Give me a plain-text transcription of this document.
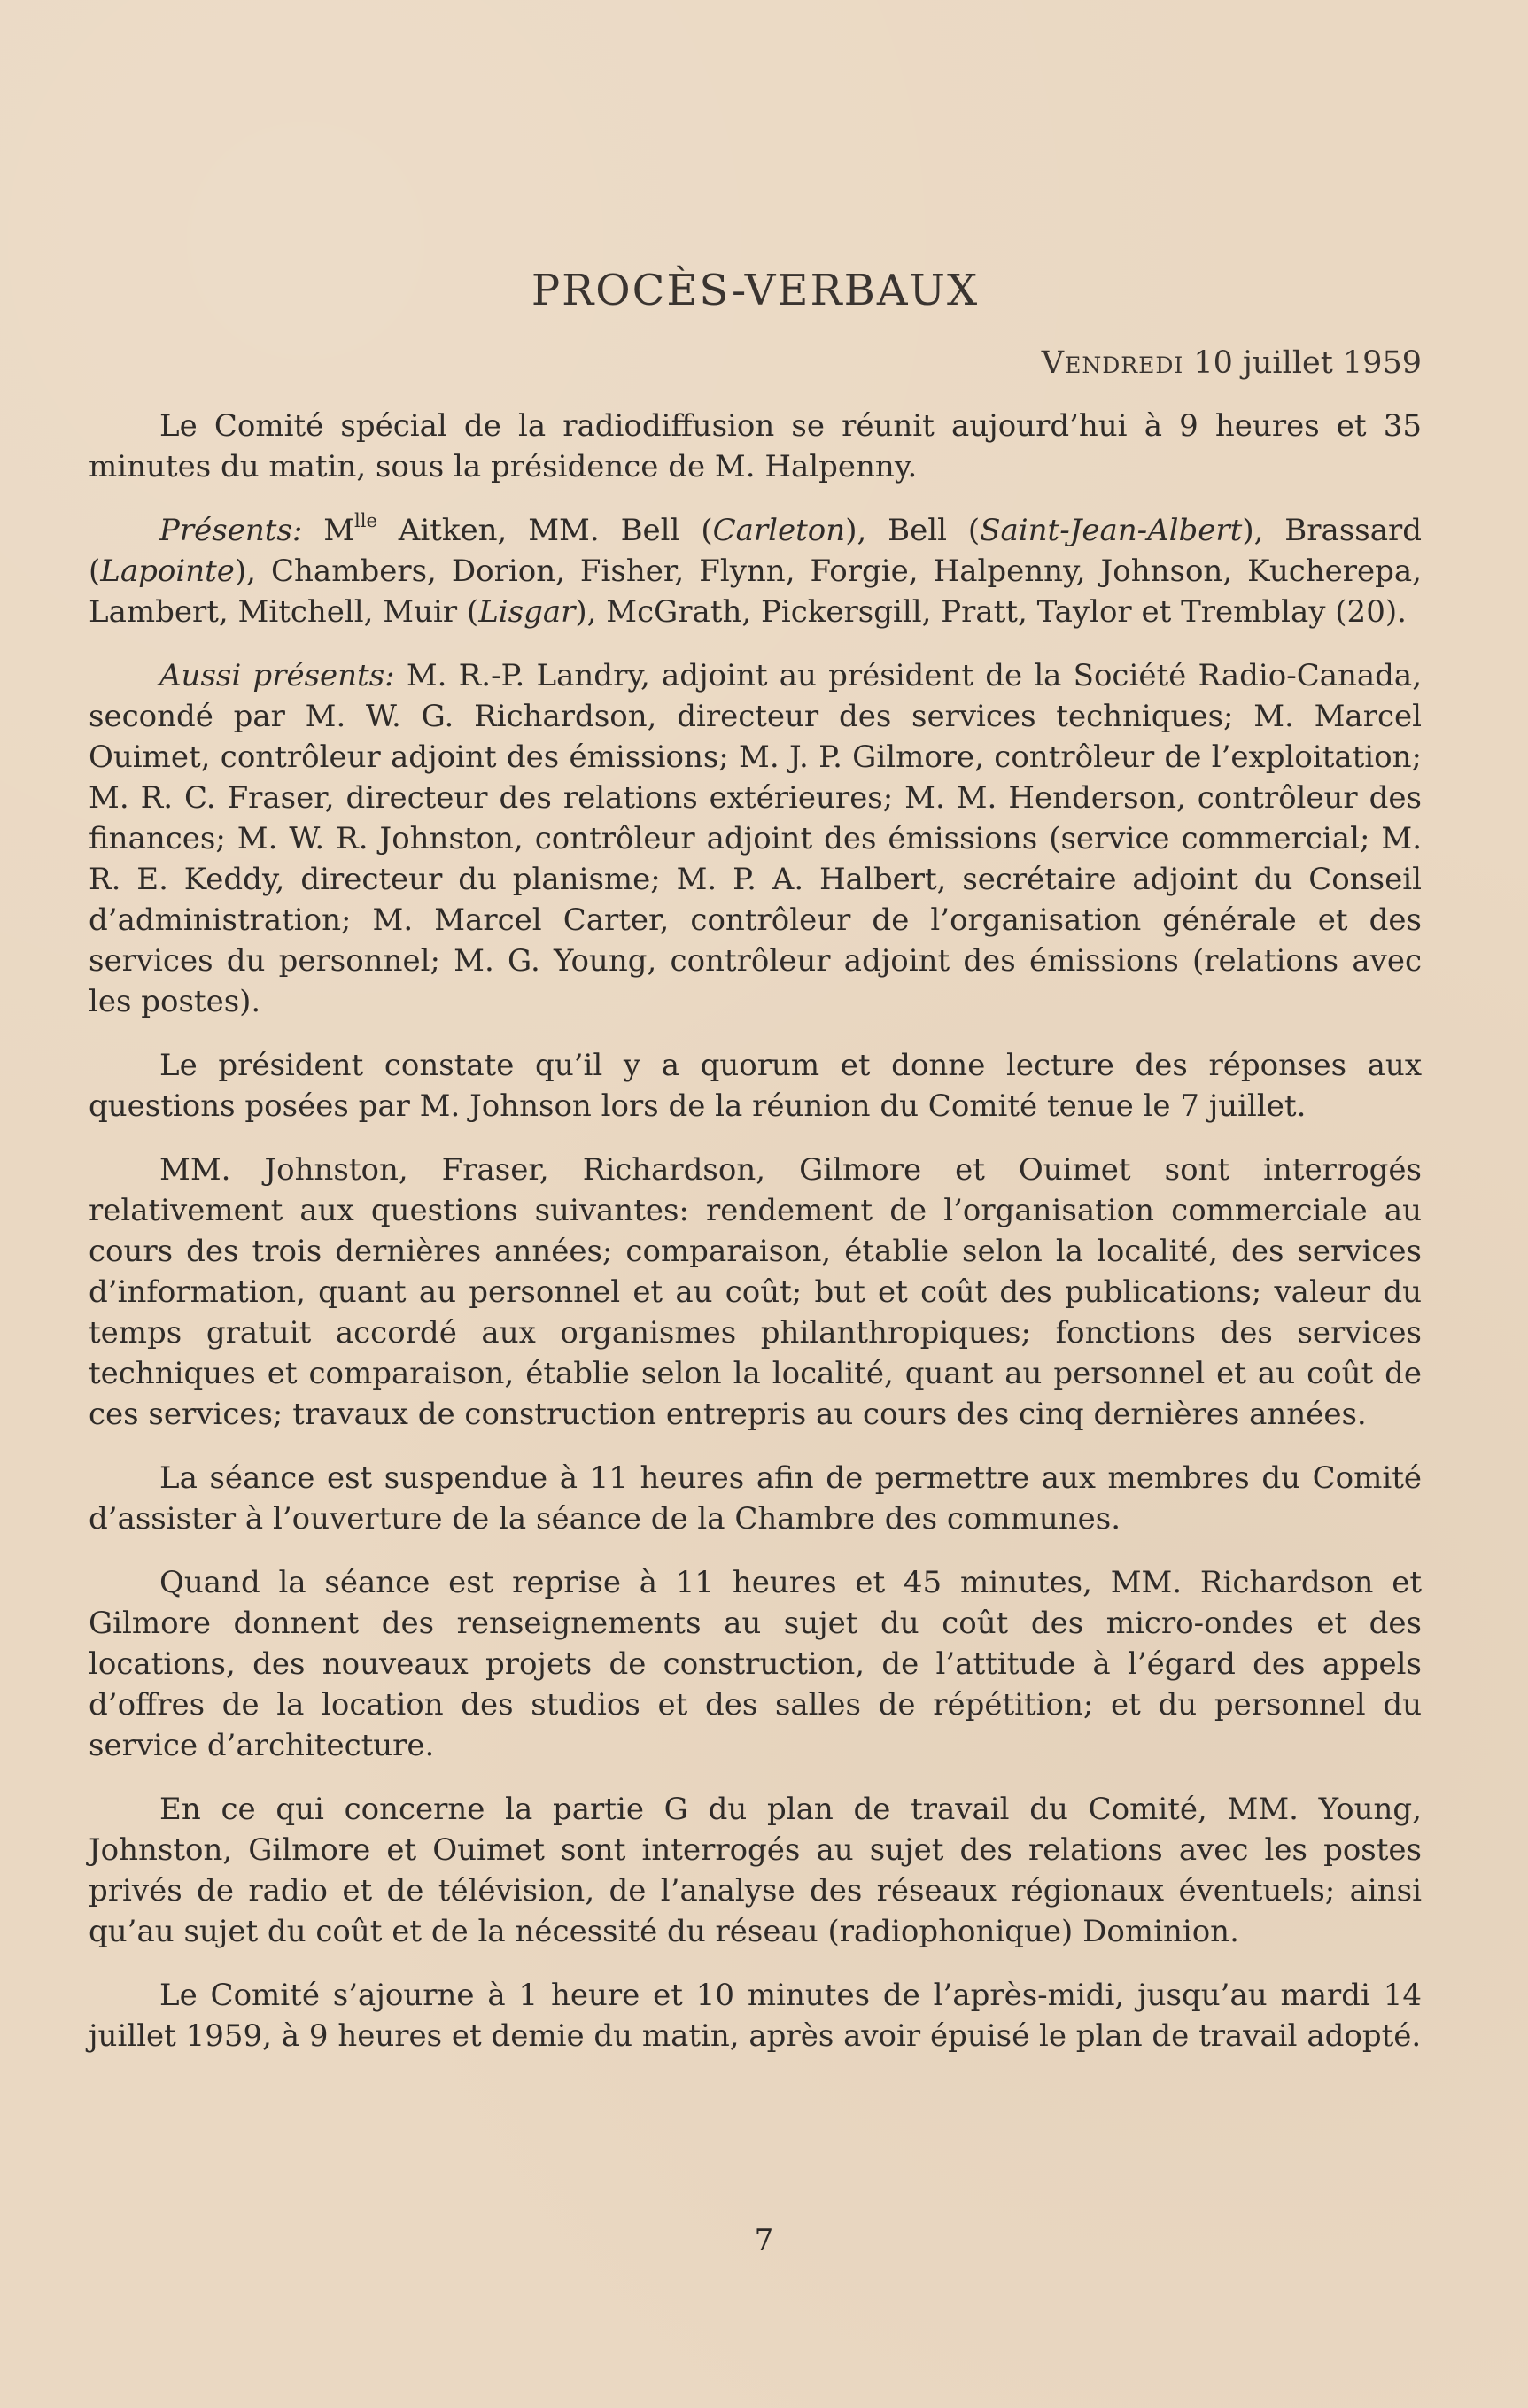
PROCÈS-VERBAUX
Vendredi 10 juillet 1959

Le Comité spécial de la radiodiffusion se réunit aujourd’hui à 9 heures et 35 minutes du matin, sous la présidence de M. Halpenny.

Présents: $M^{lle}$ Aitken, MM. Bell (Carleton), Bell (Saint-Jean-Albert), Brassard (Lapointe), Chambers, Dorion, Fisher, Flynn, Forgie, Halpenny, Johnson, Kucherepa, Lambert, Mitchell, Muir (Lisgar), McGrath, Pickersgill, Pratt, Taylor et Tremblay (20).

Aussi présents: M. R.-P. Landry, adjoint au président de la Société Radio-Canada, secondé par M. W. G. Richardson, directeur des services techniques; M. Marcel Ouimet, contrôleur adjoint des émissions; M. J. P. Gilmore, contrôleur de l’exploitation; M. R. C. Fraser, directeur des relations extérieures; M. M. Henderson, contrôleur des finances; M. W. R. Johnston, contrôleur adjoint des émissions (service commercial; M. R. E. Keddy, directeur du planisme; M. P. A. Halbert, secrétaire adjoint du Conseil d’administration; M. Marcel Carter, contrôleur de l’organisation générale et des services du personnel; M. G. Young, contrôleur adjoint des émissions (relations avec les postes).

Le président constate qu’il y a quorum et donne lecture des réponses aux questions posées par M. Johnson lors de la réunion du Comité tenue le 7 juillet.

MM. Johnston, Fraser, Richardson, Gilmore et Ouimet sont interrogés relativement aux questions suivantes: rendement de l’organisation commerciale au cours des trois dernières années; comparaison, établie selon la localité, des services d’information, quant au personnel et au coût; but et coût des publications; valeur du temps gratuit accordé aux organismes philanthropiques; fonctions des services techniques et comparaison, établie selon la localité, quant au personnel et au coût de ces services; travaux de construction entrepris au cours des cinq dernières années.

La séance est suspendue à 11 heures afin de permettre aux membres du Comité d’assister à l’ouverture de la séance de la Chambre des communes.

Quand la séance est reprise à 11 heures et 45 minutes, MM. Richardson et Gilmore donnent des renseignements au sujet du coût des micro-ondes et des locations, des nouveaux projets de construction, de l’attitude à l’égard des appels d’offres de la location des studios et des salles de répétition; et du personnel du service d’architecture.

En ce qui concerne la partie G du plan de travail du Comité, MM. Young, Johnston, Gilmore et Ouimet sont interrogés au sujet des relations avec les postes privés de radio et de télévision, de l’analyse des réseaux régionaux éventuels; ainsi qu’au sujet du coût et de la nécessité du réseau (radiophonique) Dominion.

Le Comité s’ajourne à 1 heure et 10 minutes de l’après-midi, jusqu’au mardi 14 juillet 1959, à 9 heures et demie du matin, après avoir épuisé le plan de travail adopté.

7
